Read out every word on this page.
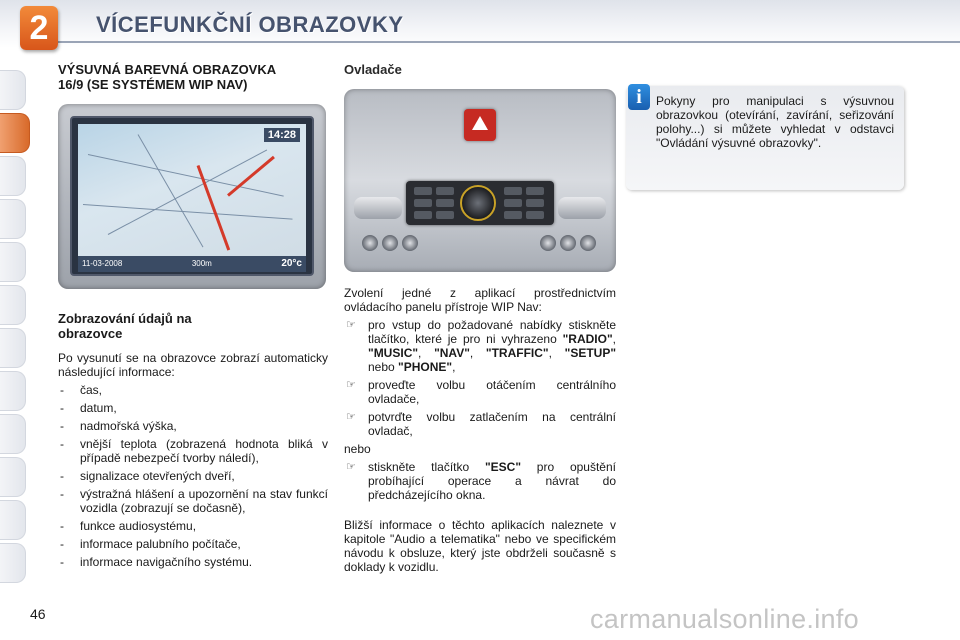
2	VÍCEFUNKČNÍ OBRAZOVKY
VÝSUVNÁ BAREVNÁ OBRAZOVKA
16/9 (SE SYSTÉMEM WIP NAV)
14:28
11-03-2008	300m	20°c
Zobrazování údajů na
obrazovce

Po vysunutí se na obrazovce zobrazí automaticky následující informace:

- čas,
- datum,
- nadmořská výška,
- vnější teplota (zobrazená hodnota bliká v případě nebezpečí tvorby náledí),
- signalizace otevřených dveří,
- výstražná hlášení a upozornění na stav funkcí vozidla (zobrazují se dočasně),
- funkce audiosystému,
- informace palubního počítače,
- informace navigačního systému.
Ovladače

Zvolení jedné z aplikací prostřednictvím ovládacího panelu přístroje WIP Nav:

☞ pro vstup do požadované nabídky stiskněte tlačítko, které je pro ni vyhrazeno "RADIO", "MUSIC", "NAV", "TRAFFIC", "SETUP" nebo "PHONE",
☞ proveďte volbu otáčením centrálního ovladače,
☞ potvrďte volbu zatlačením na centrální ovladač,

nebo

☞ stiskněte tlačítko "ESC" pro opuštění probíhající operace a návrat do předcházejícího okna.

Bližší informace o těchto aplikacích naleznete v kapitole "Audio a telematika" nebo ve specifickém návodu k obsluze, který jste obdrželi současně s doklady k vozidlu.

i	Pokyny pro manipulaci s výsuvnou obrazovkou (otevírání, zavírání, seřizování polohy...) si můžete vyhledat v odstavci "Ovládání výsuvné obrazovky".

46	carmanualsonline.info
